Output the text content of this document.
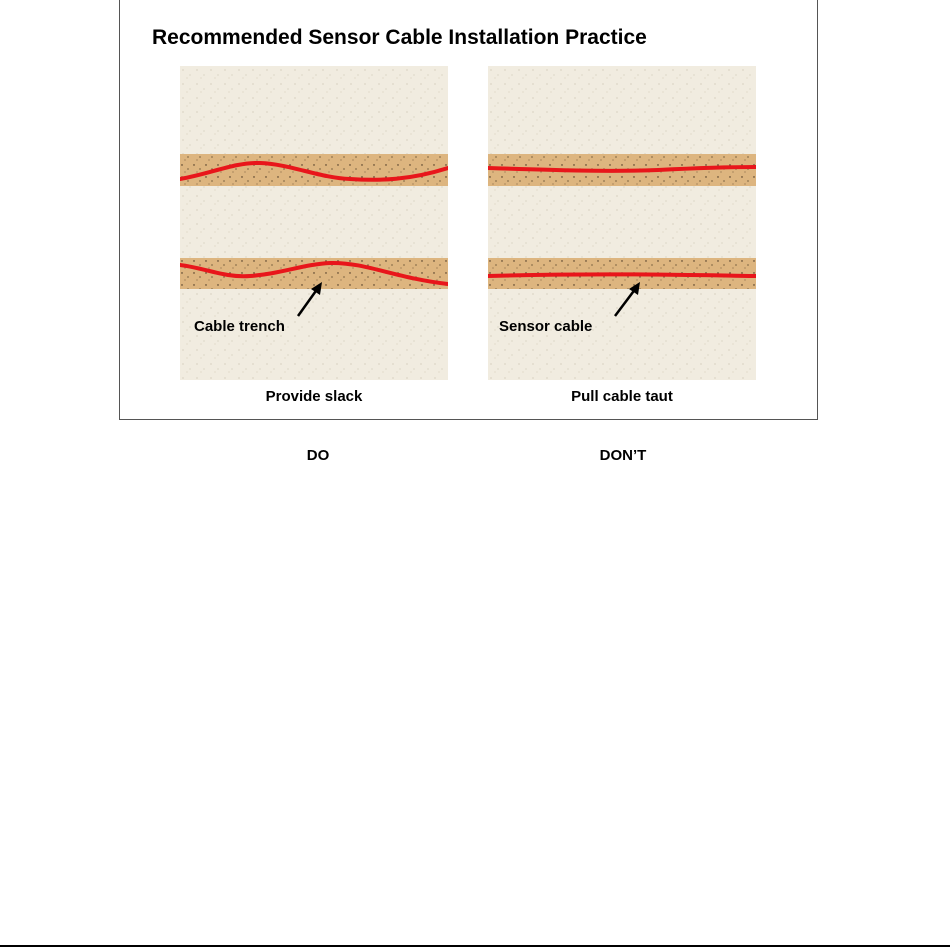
Recommended Sensor Cable Installation Practice
Cable trench
Provide slack
Sensor cable
Pull cable taut
DO	DON’T
